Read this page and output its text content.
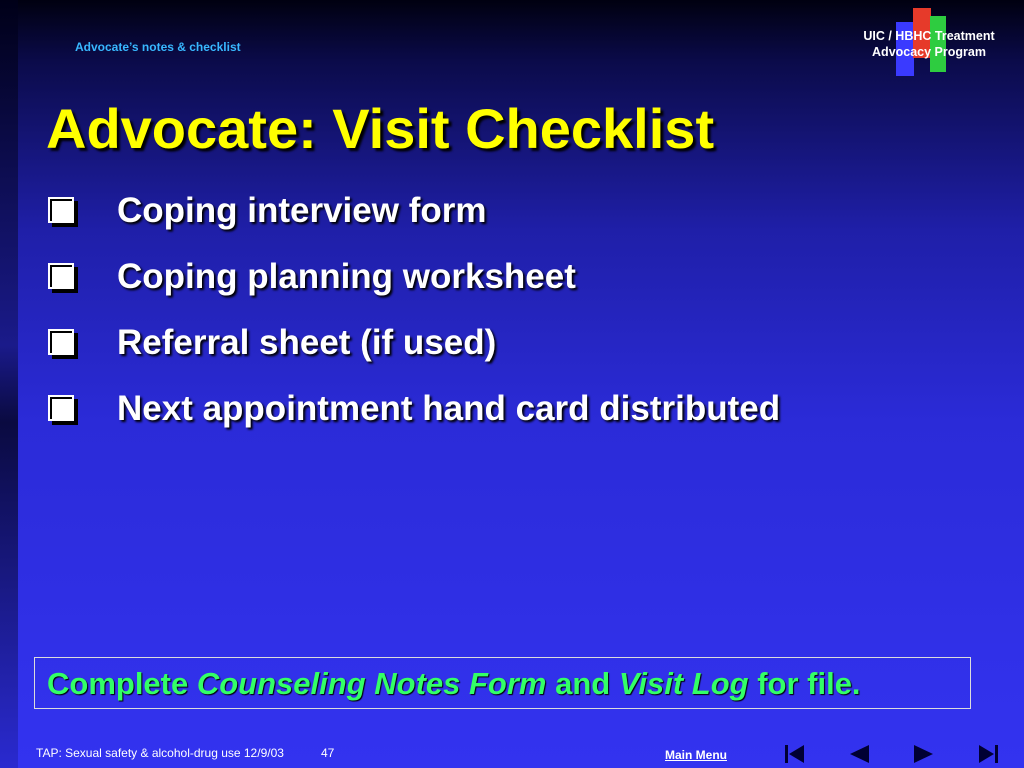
Advocate’s notes & checklist
UIC / HBHC Treatment
Advocacy Program
Advocate: Visit Checklist
Coping interview form
Coping planning worksheet
Referral sheet (if used)
Next appointment hand card distributed
Complete Counseling Notes Form and Visit Log for file.
TAP: Sexual safety & alcohol-drug use 12/9/03	47	Main Menu
